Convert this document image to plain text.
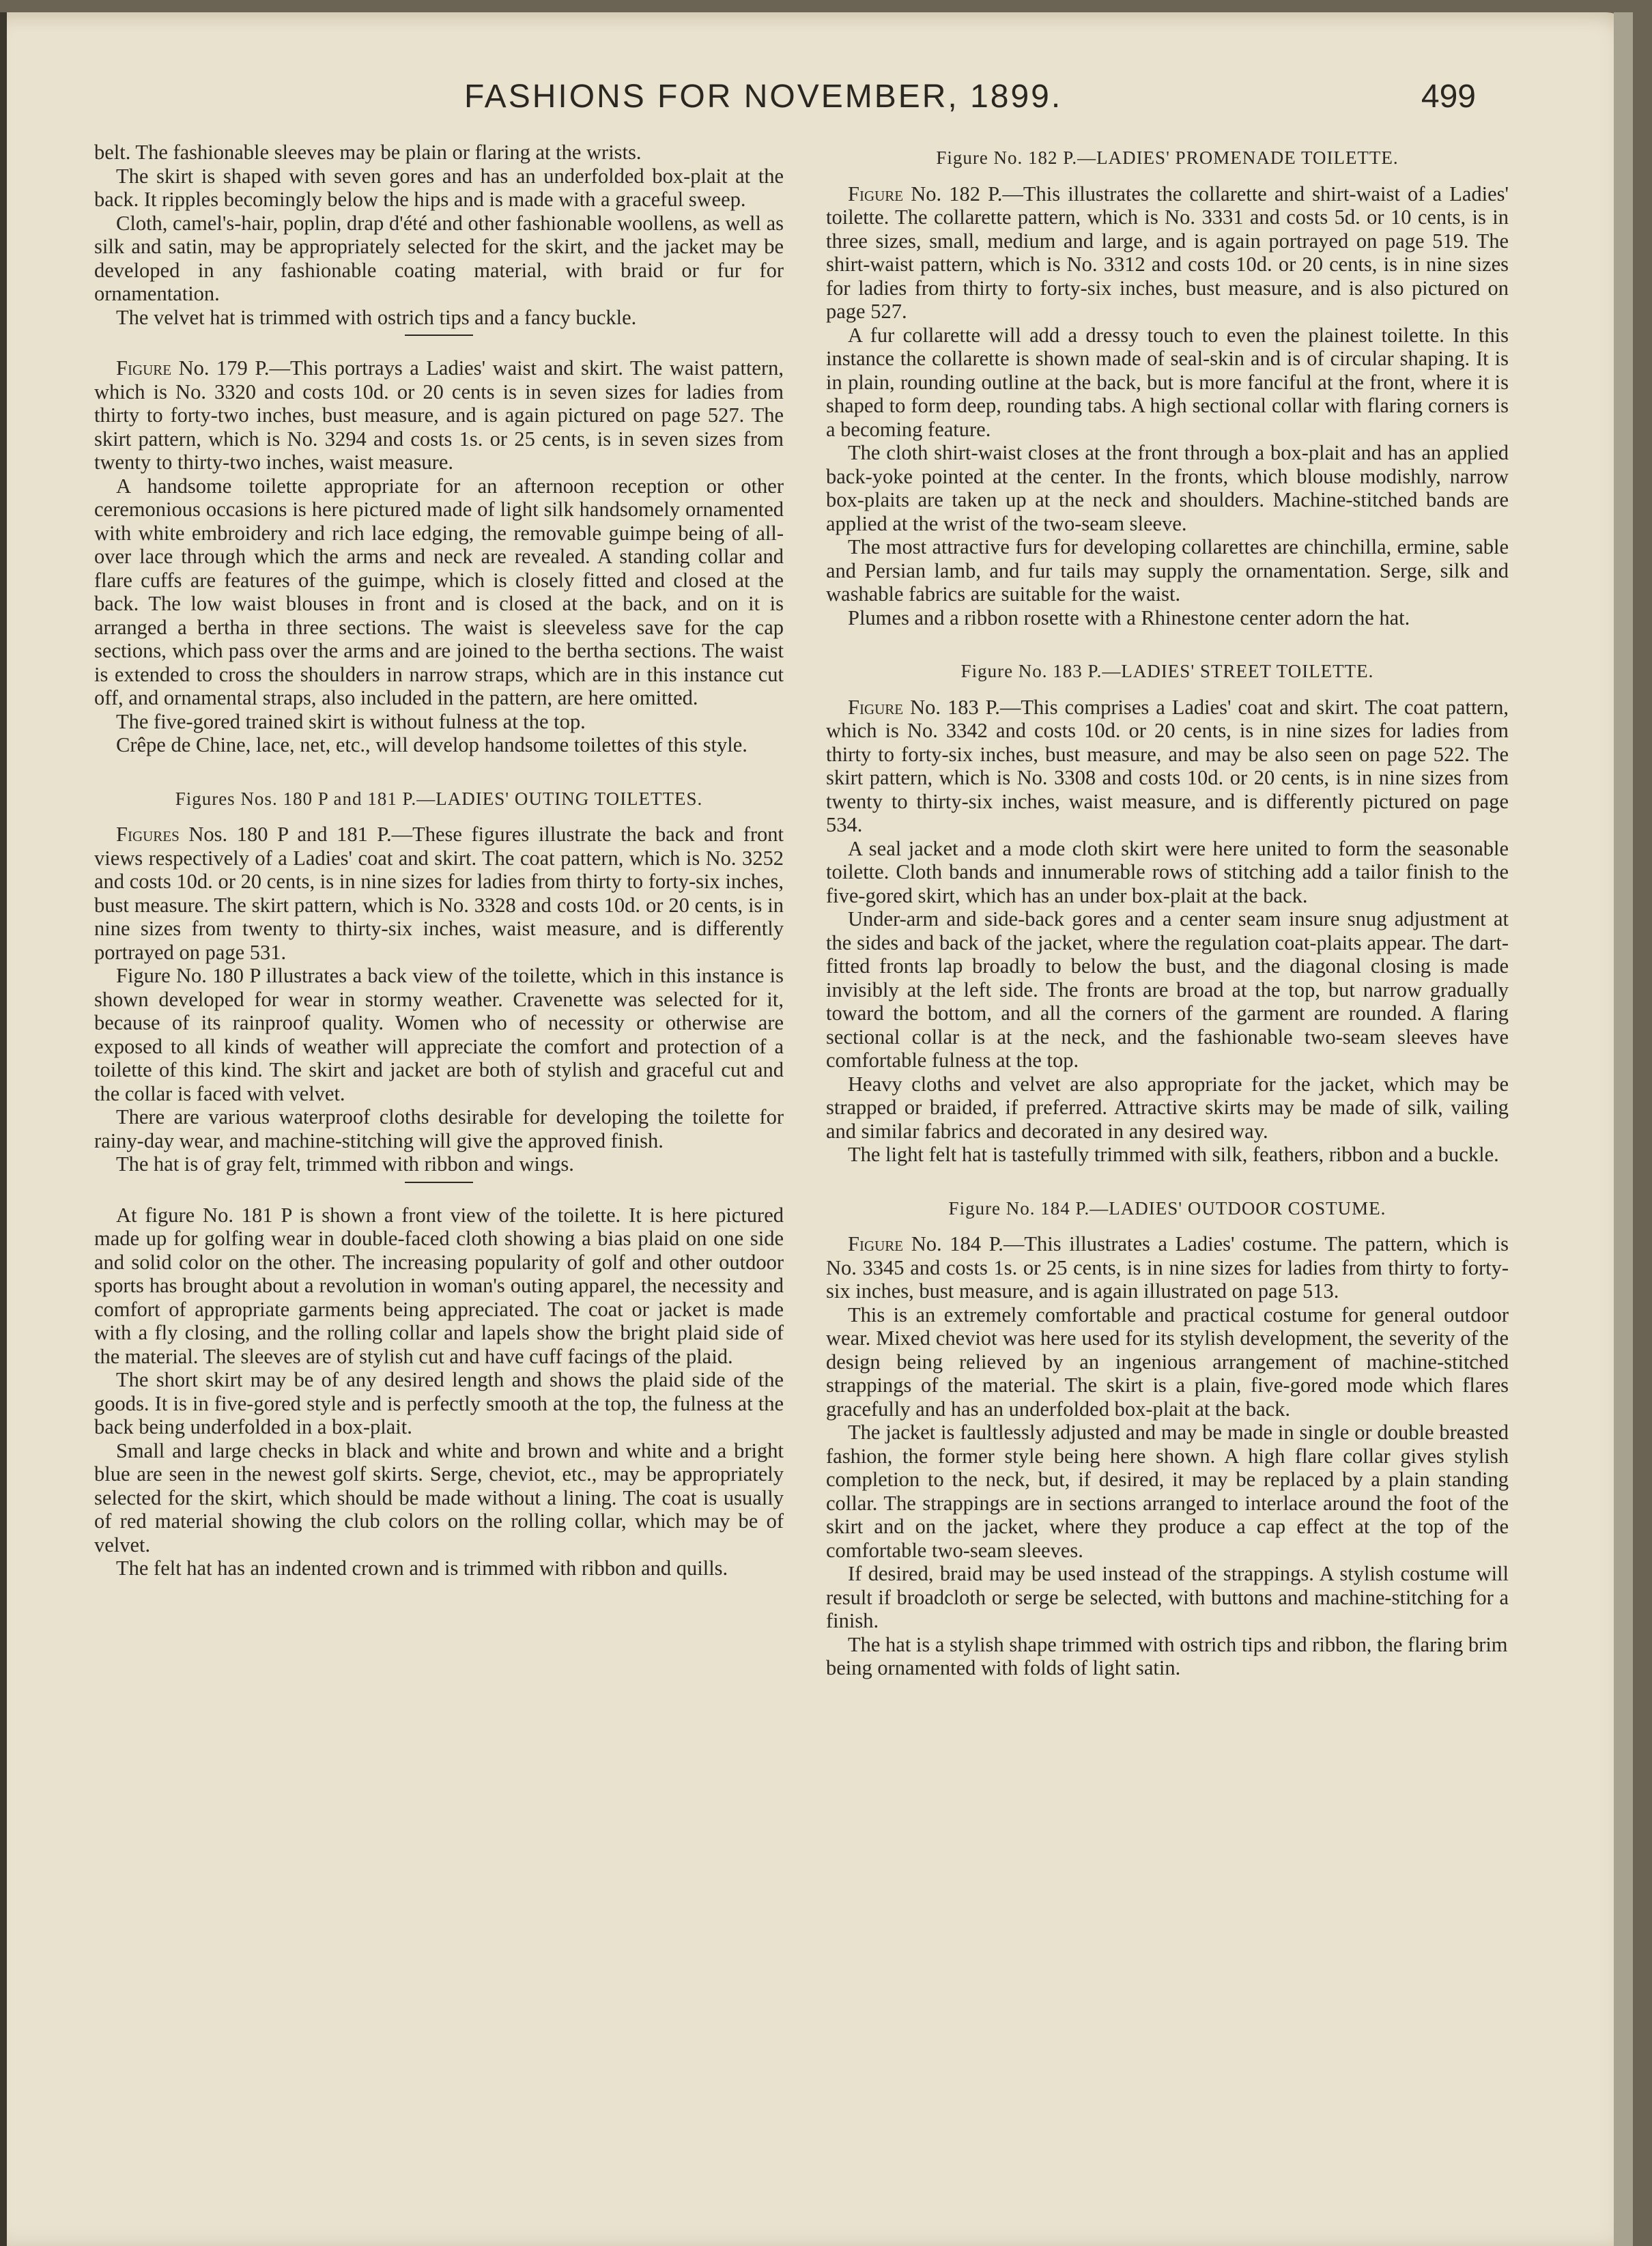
FASHIONS FOR NOVEMBER, 1899.	499

belt. The fashionable sleeves may be plain or flaring at the wrists.

The skirt is shaped with seven gores and has an underfolded box-plait at the back. It ripples becomingly below the hips and is made with a graceful sweep.

Cloth, camel's-hair, poplin, drap d'été and other fashionable woollens, as well as silk and satin, may be appropriately selected for the skirt, and the jacket may be developed in any fashionable coating material, with braid or fur for ornamentation.

The velvet hat is trimmed with ostrich tips and a fancy buckle.

Figure No. 179 P.—This portrays a Ladies' waist and skirt. The waist pattern, which is No. 3320 and costs 10d. or 20 cents is in seven sizes for ladies from thirty to forty-two inches, bust measure, and is again pictured on page 527. The skirt pattern, which is No. 3294 and costs 1s. or 25 cents, is in seven sizes from twenty to thirty-two inches, waist measure.

A handsome toilette appropriate for an afternoon reception or other ceremonious occasions is here pictured made of light silk handsomely ornamented with white embroidery and rich lace edging, the removable guimpe being of all-over lace through which the arms and neck are revealed. A standing collar and flare cuffs are features of the guimpe, which is closely fitted and closed at the back. The low waist blouses in front and is closed at the back, and on it is arranged a bertha in three sections. The waist is sleeveless save for the cap sections, which pass over the arms and are joined to the bertha sections. The waist is extended to cross the shoulders in narrow straps, which are in this instance cut off, and ornamental straps, also included in the pattern, are here omitted.

The five-gored trained skirt is without fulness at the top.

Crêpe de Chine, lace, net, etc., will develop handsome toilettes of this style.

Figures Nos. 180 P and 181 P.—LADIES' OUTING TOILETTES.

Figures Nos. 180 P and 181 P.—These figures illustrate the back and front views respectively of a Ladies' coat and skirt. The coat pattern, which is No. 3252 and costs 10d. or 20 cents, is in nine sizes for ladies from thirty to forty-six inches, bust measure. The skirt pattern, which is No. 3328 and costs 10d. or 20 cents, is in nine sizes from twenty to thirty-six inches, waist measure, and is differently portrayed on page 531.

Figure No. 180 P illustrates a back view of the toilette, which in this instance is shown developed for wear in stormy weather. Cravenette was selected for it, because of its rainproof quality. Women who of necessity or otherwise are exposed to all kinds of weather will appreciate the comfort and protection of a toilette of this kind. The skirt and jacket are both of stylish and graceful cut and the collar is faced with velvet.

There are various waterproof cloths desirable for developing the toilette for rainy-day wear, and machine-stitching will give the approved finish.

The hat is of gray felt, trimmed with ribbon and wings.

At figure No. 181 P is shown a front view of the toilette. It is here pictured made up for golfing wear in double-faced cloth showing a bias plaid on one side and solid color on the other. The increasing popularity of golf and other outdoor sports has brought about a revolution in woman's outing apparel, the necessity and comfort of appropriate garments being appreciated. The coat or jacket is made with a fly closing, and the rolling collar and lapels show the bright plaid side of the material. The sleeves are of stylish cut and have cuff facings of the plaid.

The short skirt may be of any desired length and shows the plaid side of the goods. It is in five-gored style and is perfectly smooth at the top, the fulness at the back being underfolded in a box-plait.

Small and large checks in black and white and brown and white and a bright blue are seen in the newest golf skirts. Serge, cheviot, etc., may be appropriately selected for the skirt, which should be made without a lining. The coat is usually of red material showing the club colors on the rolling collar, which may be of velvet.

The felt hat has an indented crown and is trimmed with ribbon and quills.

Figure No. 182 P.—LADIES' PROMENADE TOILETTE.

Figure No. 182 P.—This illustrates the collarette and shirt-waist of a Ladies' toilette. The collarette pattern, which is No. 3331 and costs 5d. or 10 cents, is in three sizes, small, medium and large, and is again portrayed on page 519. The shirt-waist pattern, which is No. 3312 and costs 10d. or 20 cents, is in nine sizes for ladies from thirty to forty-six inches, bust measure, and is also pictured on page 527.

A fur collarette will add a dressy touch to even the plainest toilette. In this instance the collarette is shown made of seal-skin and is of circular shaping. It is in plain, rounding outline at the back, but is more fanciful at the front, where it is shaped to form deep, rounding tabs. A high sectional collar with flaring corners is a becoming feature.

The cloth shirt-waist closes at the front through a box-plait and has an applied back-yoke pointed at the center. In the fronts, which blouse modishly, narrow box-plaits are taken up at the neck and shoulders. Machine-stitched bands are applied at the wrist of the two-seam sleeve.

The most attractive furs for developing collarettes are chinchilla, ermine, sable and Persian lamb, and fur tails may supply the ornamentation. Serge, silk and washable fabrics are suitable for the waist.

Plumes and a ribbon rosette with a Rhinestone center adorn the hat.

Figure No. 183 P.—LADIES' STREET TOILETTE.

Figure No. 183 P.—This comprises a Ladies' coat and skirt. The coat pattern, which is No. 3342 and costs 10d. or 20 cents, is in nine sizes for ladies from thirty to forty-six inches, bust measure, and may be also seen on page 522. The skirt pattern, which is No. 3308 and costs 10d. or 20 cents, is in nine sizes from twenty to thirty-six inches, waist measure, and is differently pictured on page 534.

A seal jacket and a mode cloth skirt were here united to form the seasonable toilette. Cloth bands and innumerable rows of stitching add a tailor finish to the five-gored skirt, which has an under box-plait at the back.

Under-arm and side-back gores and a center seam insure snug adjustment at the sides and back of the jacket, where the regulation coat-plaits appear. The dart-fitted fronts lap broadly to below the bust, and the diagonal closing is made invisibly at the left side. The fronts are broad at the top, but narrow gradually toward the bottom, and all the corners of the garment are rounded. A flaring sectional collar is at the neck, and the fashionable two-seam sleeves have comfortable fulness at the top.

Heavy cloths and velvet are also appropriate for the jacket, which may be strapped or braided, if preferred. Attractive skirts may be made of silk, vailing and similar fabrics and decorated in any desired way.

The light felt hat is tastefully trimmed with silk, feathers, ribbon and a buckle.

Figure No. 184 P.—LADIES' OUTDOOR COSTUME.

Figure No. 184 P.—This illustrates a Ladies' costume. The pattern, which is No. 3345 and costs 1s. or 25 cents, is in nine sizes for ladies from thirty to forty-six inches, bust measure, and is again illustrated on page 513.

This is an extremely comfortable and practical costume for general outdoor wear. Mixed cheviot was here used for its stylish development, the severity of the design being relieved by an ingenious arrangement of machine-stitched strappings of the material. The skirt is a plain, five-gored mode which flares gracefully and has an underfolded box-plait at the back.

The jacket is faultlessly adjusted and may be made in single or double breasted fashion, the former style being here shown. A high flare collar gives stylish completion to the neck, but, if desired, it may be replaced by a plain standing collar. The strappings are in sections arranged to interlace around the foot of the skirt and on the jacket, where they produce a cap effect at the top of the comfortable two-seam sleeves.

If desired, braid may be used instead of the strappings. A stylish costume will result if broadcloth or serge be selected, with buttons and machine-stitching for a finish.

The hat is a stylish shape trimmed with ostrich tips and ribbon, the flaring brim being ornamented with folds of light satin.
